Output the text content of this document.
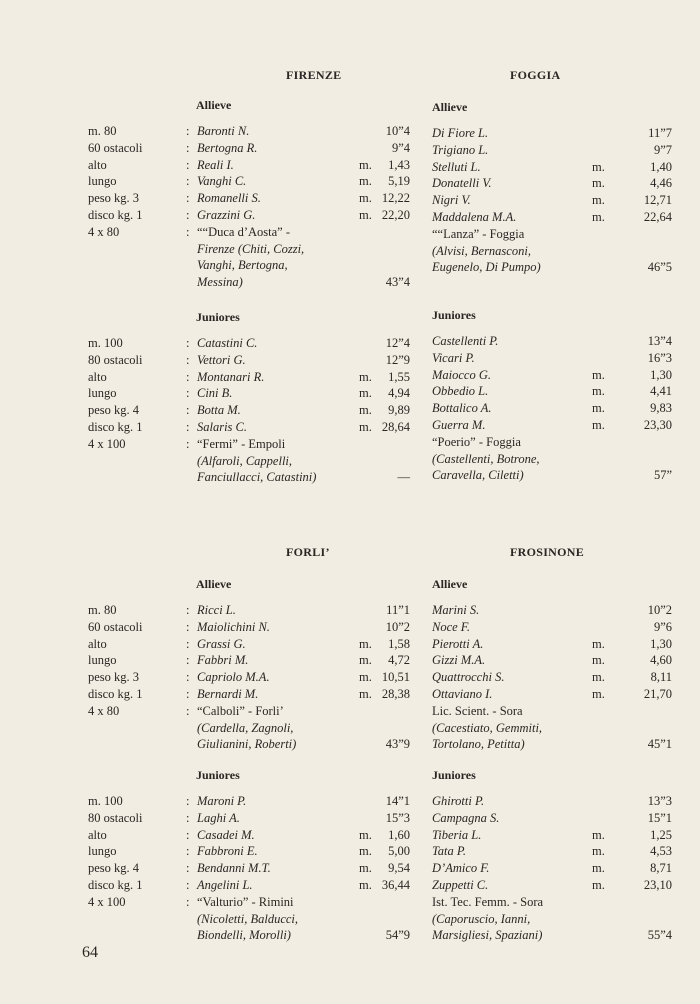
FIRENZE
Allieve
m. 80	: Baronti N.	10”4
60 ostacoli	: Bertogna R.	9”4
alto	: Reali I.	m. 1,43
lungo	: Vanghi C.	m. 5,19
peso kg. 3	: Romanelli S.	m. 12,22
disco kg. 1	: Grazzini G.	m. 22,20
4 x 80	: ““Duca d’Aosta” -
Firenze (Chiti, Cozzi,
Vanghi, Bertogna,
Messina)	43”4
Juniores
m. 100	: Catastini C.	12”4
80 ostacoli	: Vettori G.	12”9
alto	: Montanari R.	m. 1,55
lungo	: Cini B.	m. 4,94
peso kg. 4	: Botta M.	m. 9,89
disco kg. 1	: Salaris C.	m. 28,64
4 x 100	: “Fermi” - Empoli
(Alfaroli, Cappelli,
Fanciullacci, Catastini)	—
FOGGIA
Allieve
Di Fiore L.	11”7
Trigiano L.	9”7
Stelluti L.	m.	1,40
Donatelli V.	m.	4,46
Nigri V.	m.	12,71
Maddalena M.A.	m.	22,64
““Lanza” - Foggia
(Alvisi, Bernasconi,
Eugenelo, Di Pumpo)	46”5
Juniores
Castellenti P.	13”4
Vicari P.	16”3
Maiocco G.	m.	1,30
Obbedio L.	m.	4,41
Bottalico A.	m.	9,83
Guerra M.	m.	23,30
“Poerio” - Foggia
(Castellenti, Botrone,
Caravella, Ciletti)	57”
FORLI’
Allieve
m. 80	: Ricci L.	11”1
60 ostacoli	: Maiolichini N.	10”2
alto	: Grassi G.	m. 1,58
lungo	: Fabbri M.	m. 4,72
peso kg. 3	: Capriolo M.A.	m. 10,51
disco kg. 1	: Bernardi M.	m. 28,38
4 x 80	: “Calboli” - Forli’
(Cardella, Zagnoli,
Giulianini, Roberti)	43”9
Juniores
m. 100	: Maroni P.	14”1
80 ostacoli	: Laghi A.	15”3
alto	: Casadei M.	m. 1,60
lungo	: Fabbroni E.	m. 5,00
peso kg. 4	: Bendanni M.T.	m. 9,54
disco kg. 1	: Angelini L.	m. 36,44
4 x 100	: “Valturio” - Rimini
(Nicoletti, Balducci,
Biondelli, Morolli)	54”9
FROSINONE
Allieve
Marini S.	10”2
Noce F.	9”6
Pierotti A.	m.	1,30
Gizzi M.A.	m.	4,60
Quattrocchi S.	m.	8,11
Ottaviano I.	m.	21,70
Lic. Scient. - Sora
(Cacestiato, Gemmiti,
Tortolano, Petitta)	45”1
Juniores
Ghirotti P.	13”3
Campagna S.	15”1
Tiberia L.	m.	1,25
Tata P.	m.	4,53
D’Amico F.	m.	8,71
Zuppetti C.	m.	23,10
Ist. Tec. Femm. - Sora
(Caporuscio, Ianni,
Marsigliesi, Spaziani)	55”4
64
